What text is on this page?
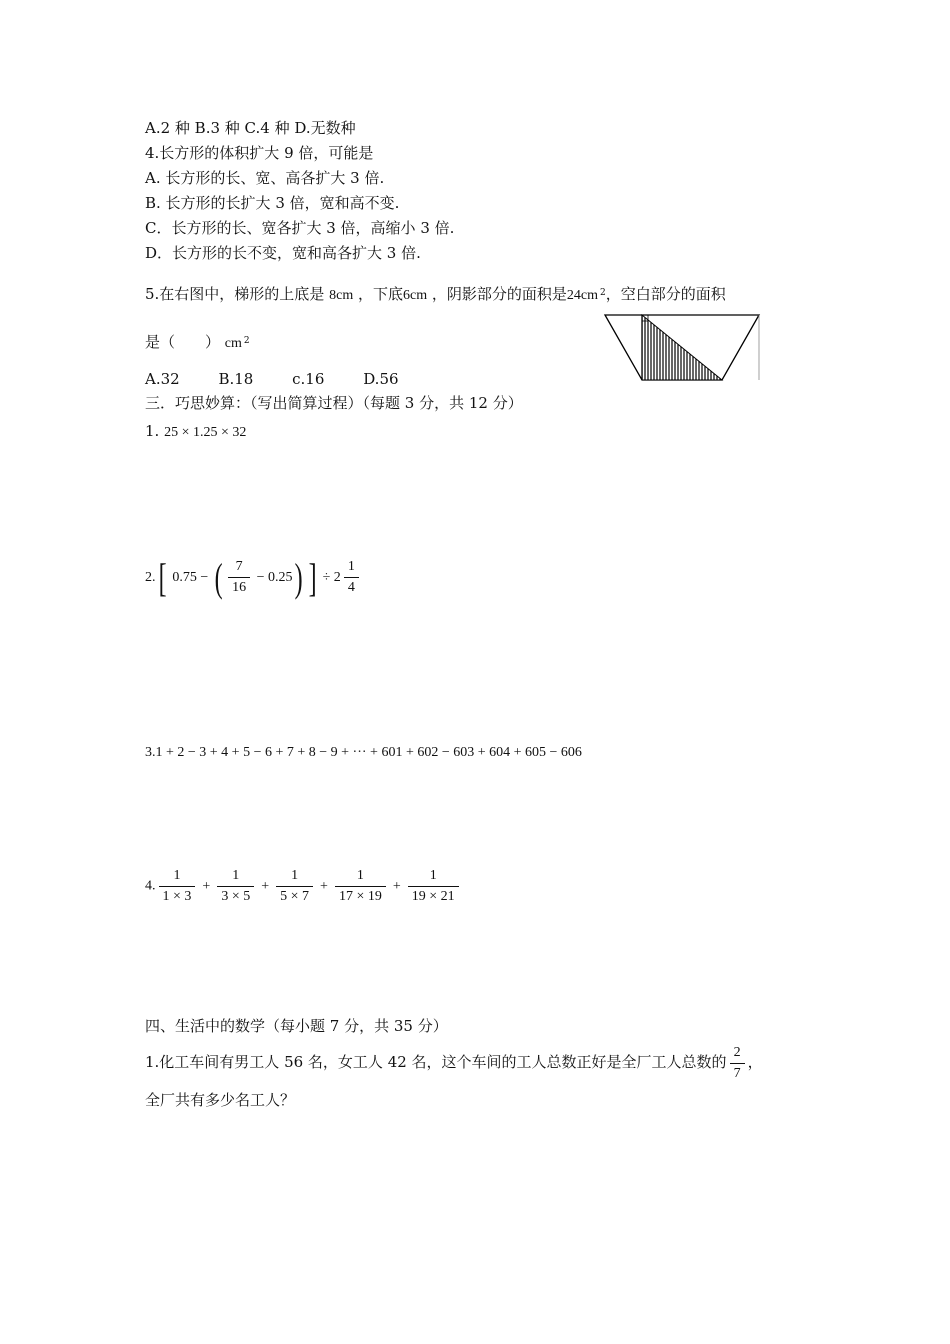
A.2 种 B.3 种 C.4 种 D.无数种
4.长方形的体积扩大 9 倍，可能是
A. 长方形的长、宽、高各扩大 3 倍.
B. 长方形的长扩大 3 倍，宽和高不变.
C．长方形的长、宽各扩大 3 倍，高缩小 3 倍.
D．长方形的长不变，宽和高各扩大 3 倍.
5.在右图中，梯形的上底是 8cm ，下底6cm ，阴影部分的面积是24cm $^2$，空白部分的面积
是（　　） cm $^2$
A.32	B.18	c.16	D.56
三．巧思妙算：（写出简算过程）（每题 3 分，共 12 分）
1. 25 × 1.25 × 32
2.[ 0.75 − ( $\frac{7}{16} - 0.25$) ] ÷ $2 \frac{1}{4}$
3.1 + 2 − 3 + 4 + 5 − 6 + 7 + 8 − 9 + ··· + 601 + 602 − 603 + 604 + 605 − 606
4. $\frac{1}{1 \times 3} + \frac{1}{3 \times 5} + \frac{1}{5 \times 7} + \frac{1}{17 \times 19} + \frac{1}{19 \times 21}$
四、生活中的数学（每小题 7 分，共 35 分）
1.化工车间有男工人 56 名，女工人 42 名，这个车间的工人总数正好是全厂工人总数的 $\frac{2}{7}$ ，
全厂共有多少名工人？
